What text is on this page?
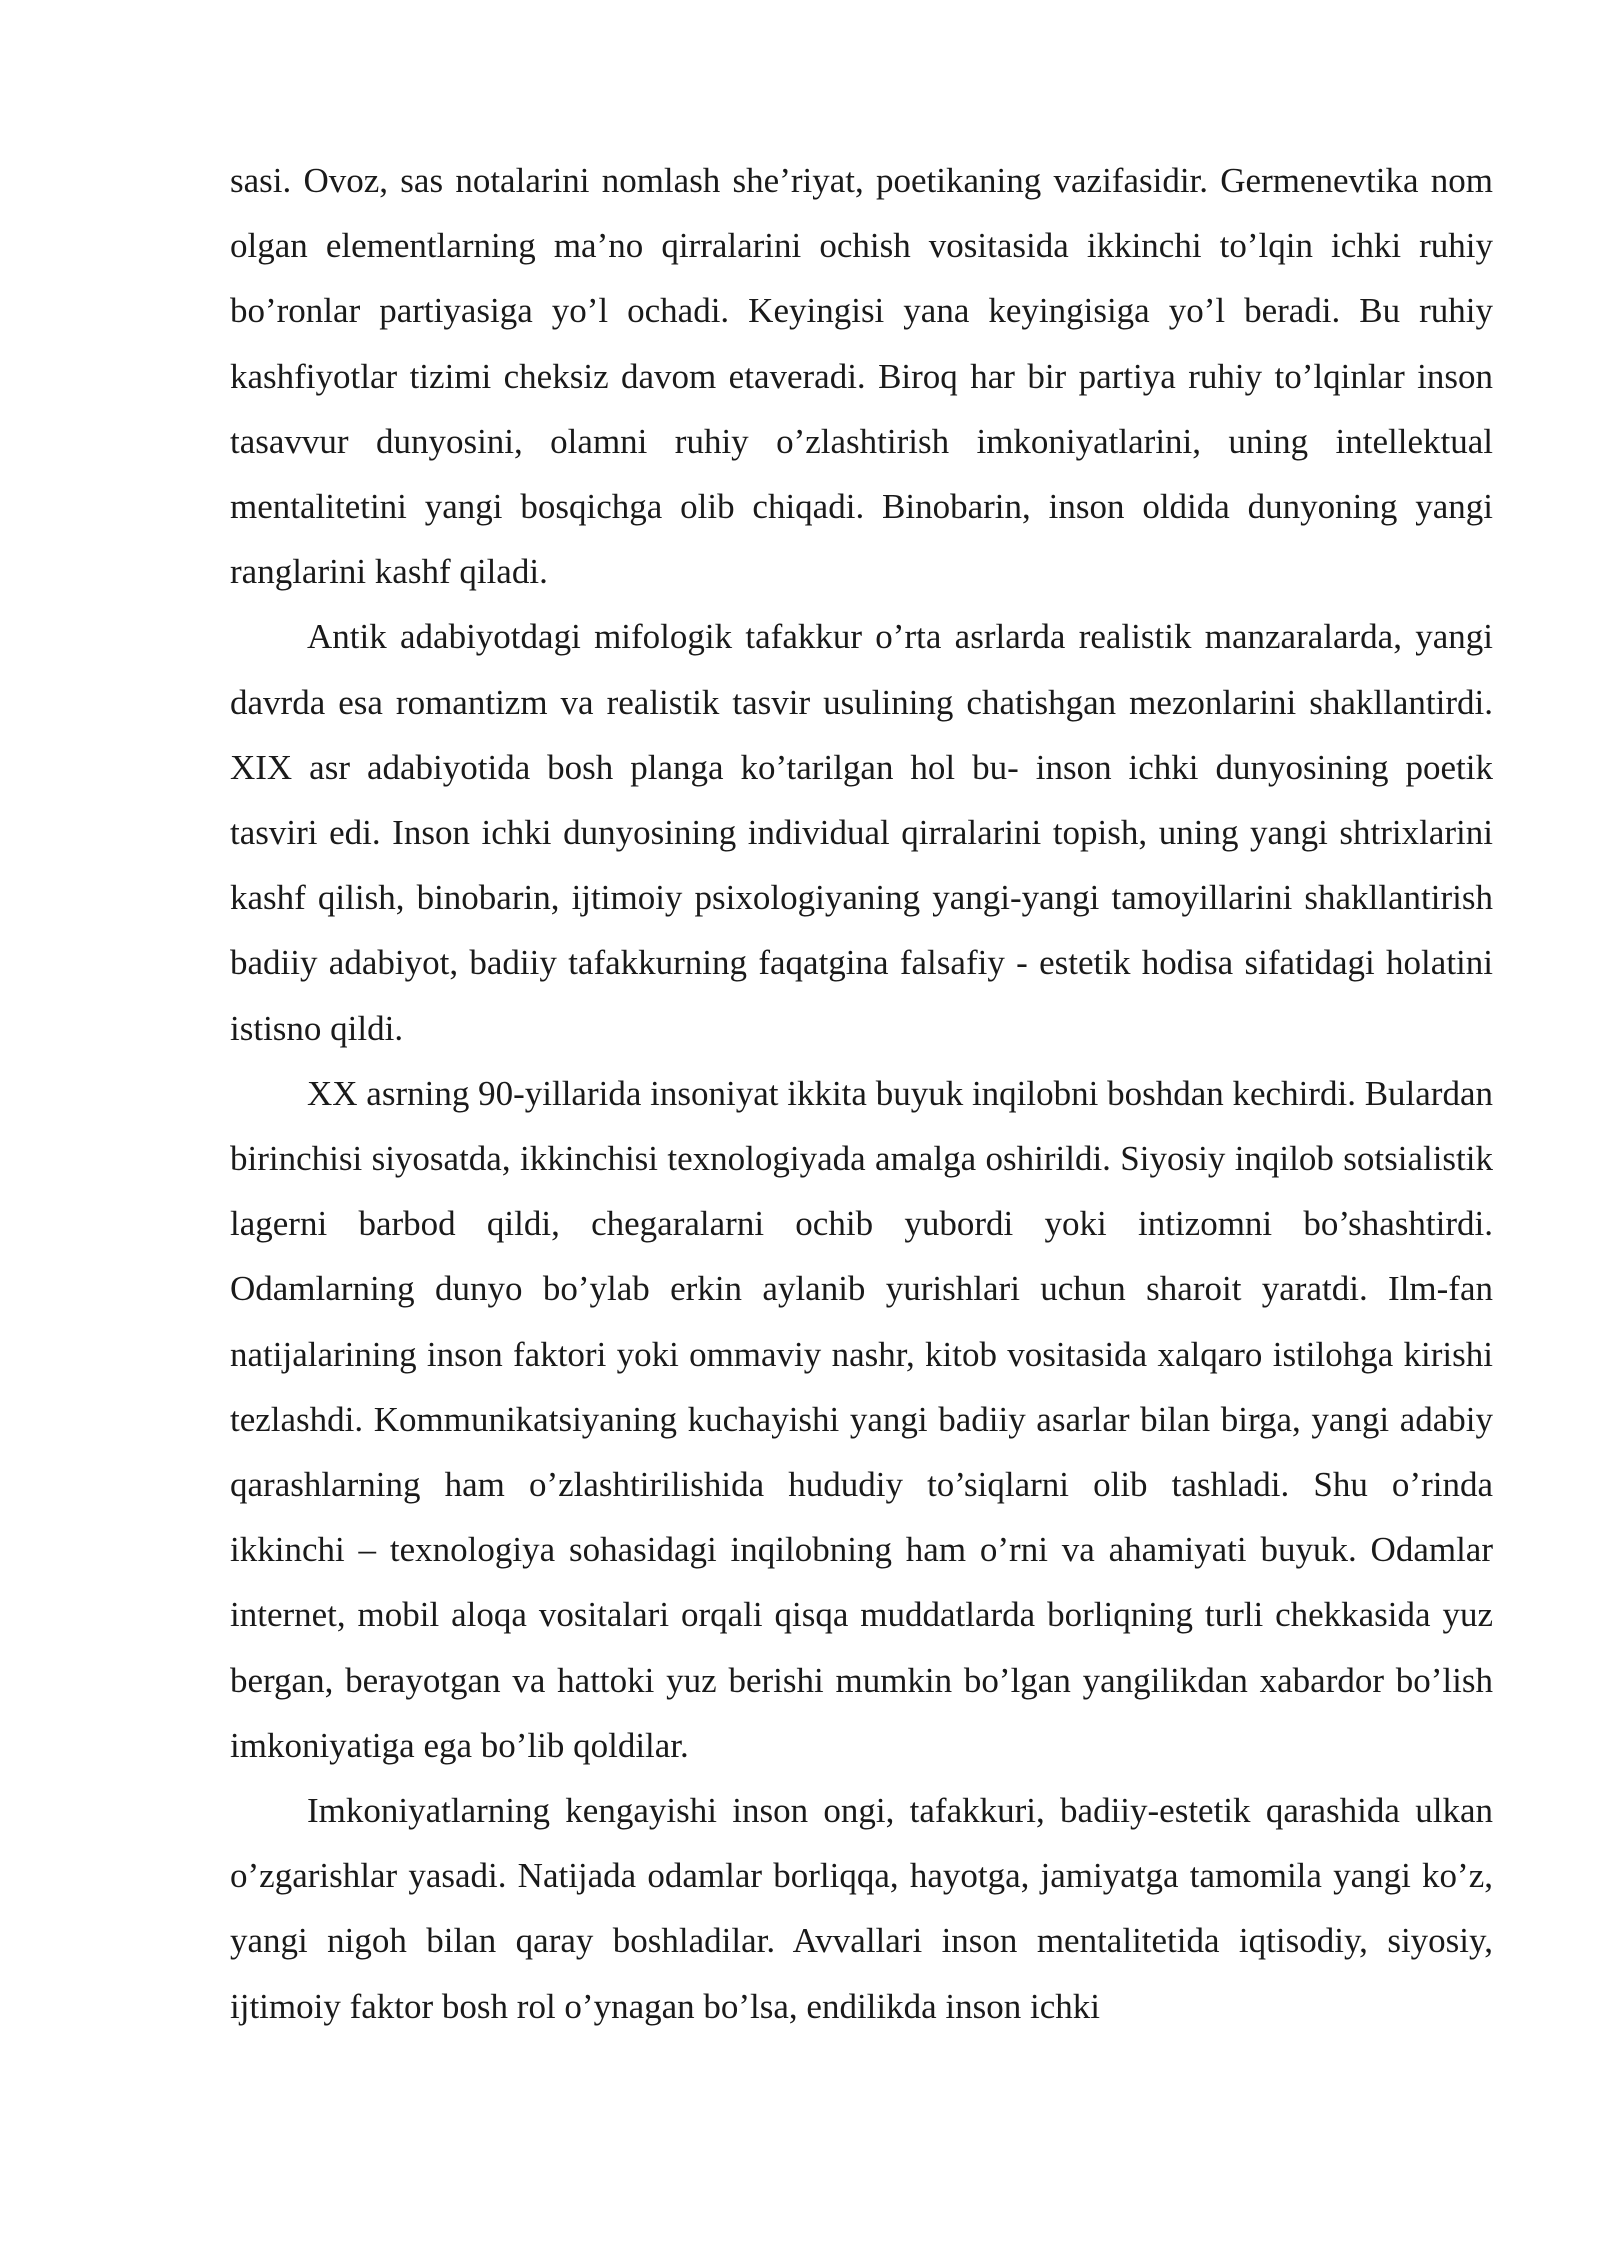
sasi. Ovoz, sas notalarini nomlash she’riyat, poetikaning vazifasidir. Germenevtika nom olgan elementlarning ma’no qirralarini ochish vositasida ikkinchi to’lqin ichki ruhiy bo’ronlar partiyasiga yo’l ochadi. Keyingisi yana keyingisiga yo’l beradi. Bu ruhiy kashfiyotlar tizimi cheksiz davom etaveradi. Biroq har bir partiya ruhiy to’lqinlar inson tasavvur dunyosini, olamni ruhiy o’zlashtirish imkoniyatlarini, uning intellektual mentalitetini yangi bosqichga olib chiqadi. Binobarin, inson oldida dunyoning yangi ranglarini kashf qiladi.

Antik adabiyotdagi mifologik tafakkur o’rta asrlarda realistik manzaralarda, yangi davrda esa romantizm va realistik tasvir usulining chatishgan mezonlarini shakllantirdi. XIX asr adabiyotida bosh planga ko’tarilgan hol bu- inson ichki dunyosining poetik tasviri edi. Inson ichki dunyosining individual qirralarini topish, uning yangi shtrixlarini kashf qilish, binobarin, ijtimoiy psixologiyaning yangi-yangi tamoyillarini shakllantirish badiiy adabiyot, badiiy tafakkurning faqatgina falsafiy - estetik hodisa sifatidagi holatini istisno qildi.

XX asrning 90-yillarida insoniyat ikkita buyuk inqilobni boshdan kechirdi. Bulardan birinchisi siyosatda, ikkinchisi texnologiyada amalga oshirildi. Siyosiy inqilob sotsialistik lagerni barbod qildi, chegaralarni ochib yubordi yoki intizomni bo’shashtirdi. Odamlarning dunyo bo’ylab erkin aylanib yurishlari uchun sharoit yaratdi. Ilm-fan natijalarining inson faktori yoki ommaviy nashr, kitob vositasida xalqaro istilohga kirishi tezlashdi. Kommunikatsiyaning kuchayishi yangi badiiy asarlar bilan birga, yangi adabiy qarashlarning ham o’zlashtirilishida hududiy to’siqlarni olib tashladi. Shu o’rinda ikkinchi – texnologiya sohasidagi inqilobning ham o’rni va ahamiyati buyuk. Odamlar internet, mobil aloqa vositalari orqali qisqa muddatlarda borliqning turli chekkasida yuz bergan, berayotgan va hattoki yuz berishi mumkin bo’lgan yangilikdan xabardor bo’lish imkoniyatiga ega bo’lib qoldilar.

Imkoniyatlarning kengayishi inson ongi, tafakkuri, badiiy-estetik qarashida ulkan o’zgarishlar yasadi. Natijada odamlar borliqqa, hayotga, jamiyatga tamomila yangi ko’z, yangi nigoh bilan qaray boshladilar. Avvallari inson mentalitetida iqtisodiy, siyosiy, ijtimoiy faktor bosh rol o’ynagan bo’lsa, endilikda inson ichki
